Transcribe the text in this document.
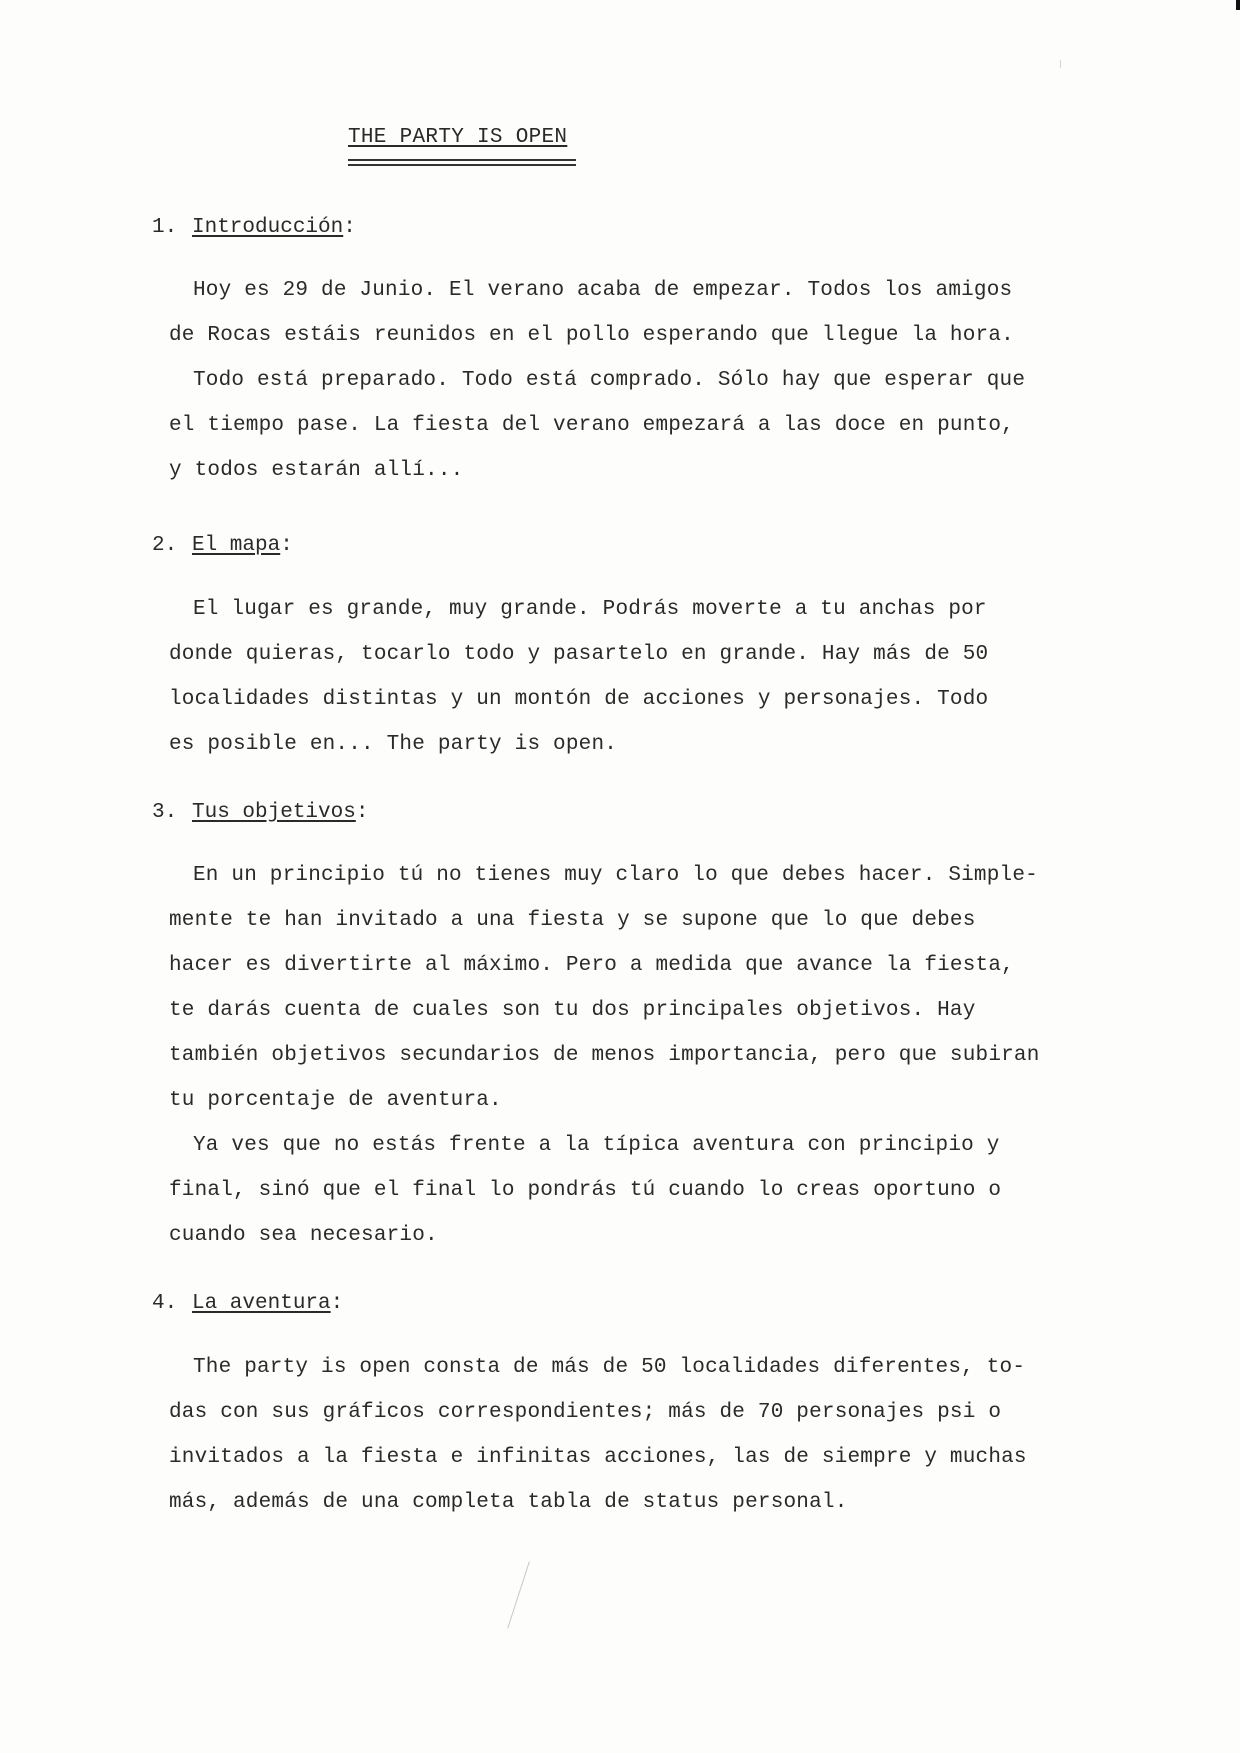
THE PARTY IS OPEN
1. Introducción:
Hoy es 29 de Junio. El verano acaba de empezar. Todos los amigos
de Rocas estáis reunidos en el pollo esperando que llegue la hora.
Todo está preparado. Todo está comprado. Sólo hay que esperar que
el tiempo pase. La fiesta del verano empezará a las doce en punto,
y todos estarán allí...
2. El mapa:
El lugar es grande, muy grande. Podrás moverte a tu anchas por
donde quieras, tocarlo todo y pasartelo en grande. Hay más de 50
localidades distintas y un montón de acciones y personajes. Todo
es posible en... The party is open.
3. Tus objetivos:
En un principio tú no tienes muy claro lo que debes hacer. Simple-
mente te han invitado a una fiesta y se supone que lo que debes
hacer es divertirte al máximo. Pero a medida que avance la fiesta,
te darás cuenta de cuales son tu dos principales objetivos. Hay
también objetivos secundarios de menos importancia, pero que subiran
tu porcentaje de aventura.
Ya ves que no estás frente a la típica aventura con principio y
final, sinó que el final lo pondrás tú cuando lo creas oportuno o
cuando sea necesario.
4. La aventura:
The party is open consta de más de 50 localidades diferentes, to-
das con sus gráficos correspondientes; más de 70 personajes psi o
invitados a la fiesta e infinitas acciones, las de siempre y muchas
más, además de una completa tabla de status personal.
